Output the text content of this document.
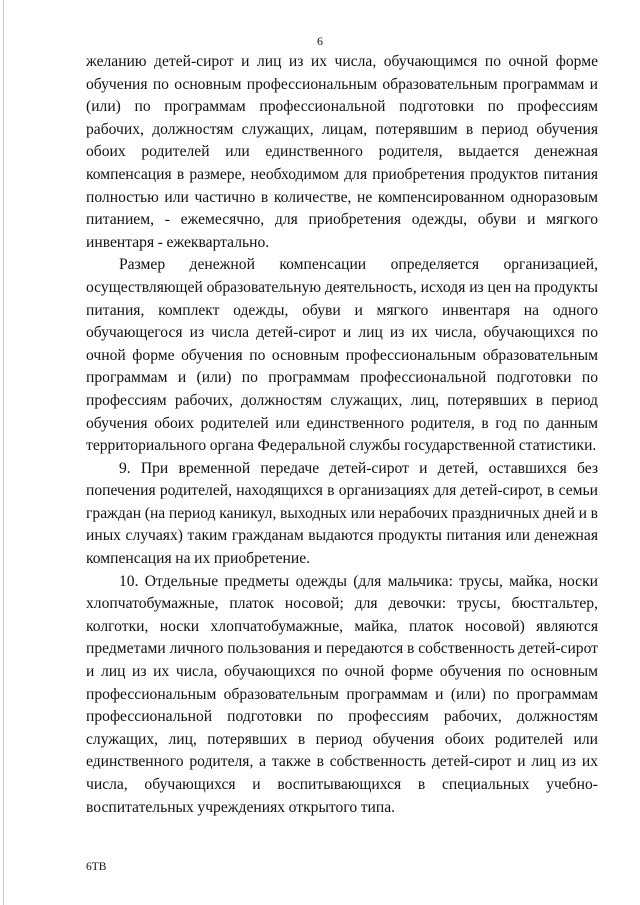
6

желанию детей-сирот и лиц из их числа, обучающимся по очной форме обучения по основным профессиональным образовательным программам и (или) по программам профессиональной подготовки по профессиям рабочих, должностям служащих, лицам, потерявшим в период обучения обоих родителей или единственного родителя, выдается денежная компенсация в размере, необходимом для приобретения продуктов питания полностью или частично в количестве, не компенсированном одноразовым питанием, - ежемесячно, для приобретения одежды, обуви и мягкого инвентаря - ежеквартально.

Размер денежной компенсации определяется организацией, осуществляющей образовательную деятельность, исходя из цен на продукты питания, комплект одежды, обуви и мягкого инвентаря на одного обучающегося из числа детей-сирот и лиц из их числа, обучающихся по очной форме обучения по основным профессиональным образовательным программам и (или) по программам профессиональной подготовки по профессиям рабочих, должностям служащих, лиц, потерявших в период обучения обоих родителей или единственного родителя, в год по данным территориального органа Федеральной службы государственной статистики.

9. При временной передаче детей-сирот и детей, оставшихся без попечения родителей, находящихся в организациях для детей-сирот, в семьи граждан (на период каникул, выходных или нерабочих праздничных дней и в иных случаях) таким гражданам выдаются продукты питания или денежная компенсация на их приобретение.

10. Отдельные предметы одежды (для мальчика: трусы, майка, носки хлопчатобумажные, платок носовой; для девочки: трусы, бюстгальтер, колготки, носки хлопчатобумажные, майка, платок носовой) являются предметами личного пользования и передаются в собственность детей-сирот и лиц из их числа, обучающихся по очной форме обучения по основным профессиональным образовательным программам и (или) по программам профессиональной подготовки по профессиям рабочих, должностям служащих, лиц, потерявших в период обучения обоих родителей или единственного родителя, а также в собственность детей-сирот и лиц из их числа, обучающихся и воспитывающихся в специальных учебно-воспитательных учреждениях открытого типа.

6ТВ
